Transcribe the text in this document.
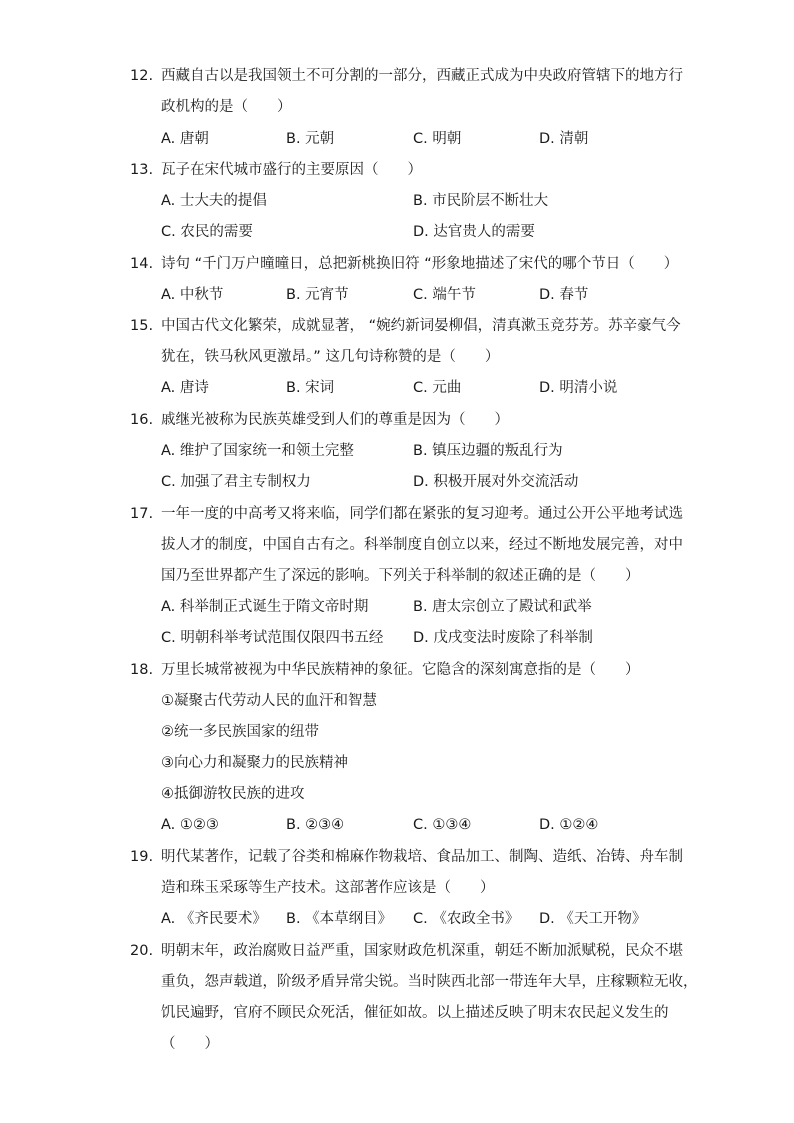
12. 西藏自古以是我国领土不可分割的一部分，西藏正式成为中央政府管辖下的地方行
政机构的是（　　）
A. 唐朝	B. 元朝	C. 明朝	D. 清朝
13. 瓦子在宋代城市盛行的主要原因（　　）
A. 士大夫的提倡	B. 市民阶层不断壮大
C. 农民的需要	D. 达官贵人的需要
14. 诗句 “千门万户曈曈日，总把新桃换旧符 “形象地描述了宋代的哪个节日（　　）
A. 中秋节	B. 元宵节	C. 端午节	D. 春节
15. 中国古代文化繁荣，成就显著， “婉约新词晏柳倡，清真漱玉竞芬芳。苏辛豪气今
犹在，铁马秋风更激昂。” 这几句诗称赞的是（　　）
A. 唐诗	B. 宋词	C. 元曲	D. 明清小说
16. 戚继光被称为民族英雄受到人们的尊重是因为（　　）
A. 维护了国家统一和领土完整	B. 镇压边疆的叛乱行为
C. 加强了君主专制权力	D. 积极开展对外交流活动
17. 一年一度的中高考又将来临，同学们都在紧张的复习迎考。通过公开公平地考试选
拔人才的制度，中国自古有之。科举制度自创立以来，经过不断地发展完善，对中
国乃至世界都产生了深远的影响。下列关于科举制的叙述正确的是（　　）
A. 科举制正式诞生于隋文帝时期	B. 唐太宗创立了殿试和武举
C. 明朝科举考试范围仅限四书五经 D. 戊戌变法时废除了科举制
18. 万里长城常被视为中华民族精神的象征。它隐含的深刻寓意指的是（　　）
①凝聚古代劳动人民的血汗和智慧
②统一多民族国家的纽带
③向心力和凝聚力的民族精神
④抵御游牧民族的进攻
A. ①②③	B. ②③④	C. ①③④	D. ①②④
19. 明代某著作，记载了谷类和棉麻作物栽培、食品加工、制陶、造纸、冶铸、舟车制
造和珠玉采琢等生产技术。这部著作应该是（　　）
A. 《齐民要术》 B. 《本草纲目》 C. 《农政全书》 D. 《天工开物》
20. 明朝末年，政治腐败日益严重，国家财政危机深重，朝廷不断加派赋税，民众不堪
重负，怨声载道，阶级矛盾异常尖锐。当时陕西北部一带连年大旱，庄稼颗粒无收，
饥民遍野，官府不顾民众死活，催征如故。以上描述反映了明末农民起义发生的
（　　）
